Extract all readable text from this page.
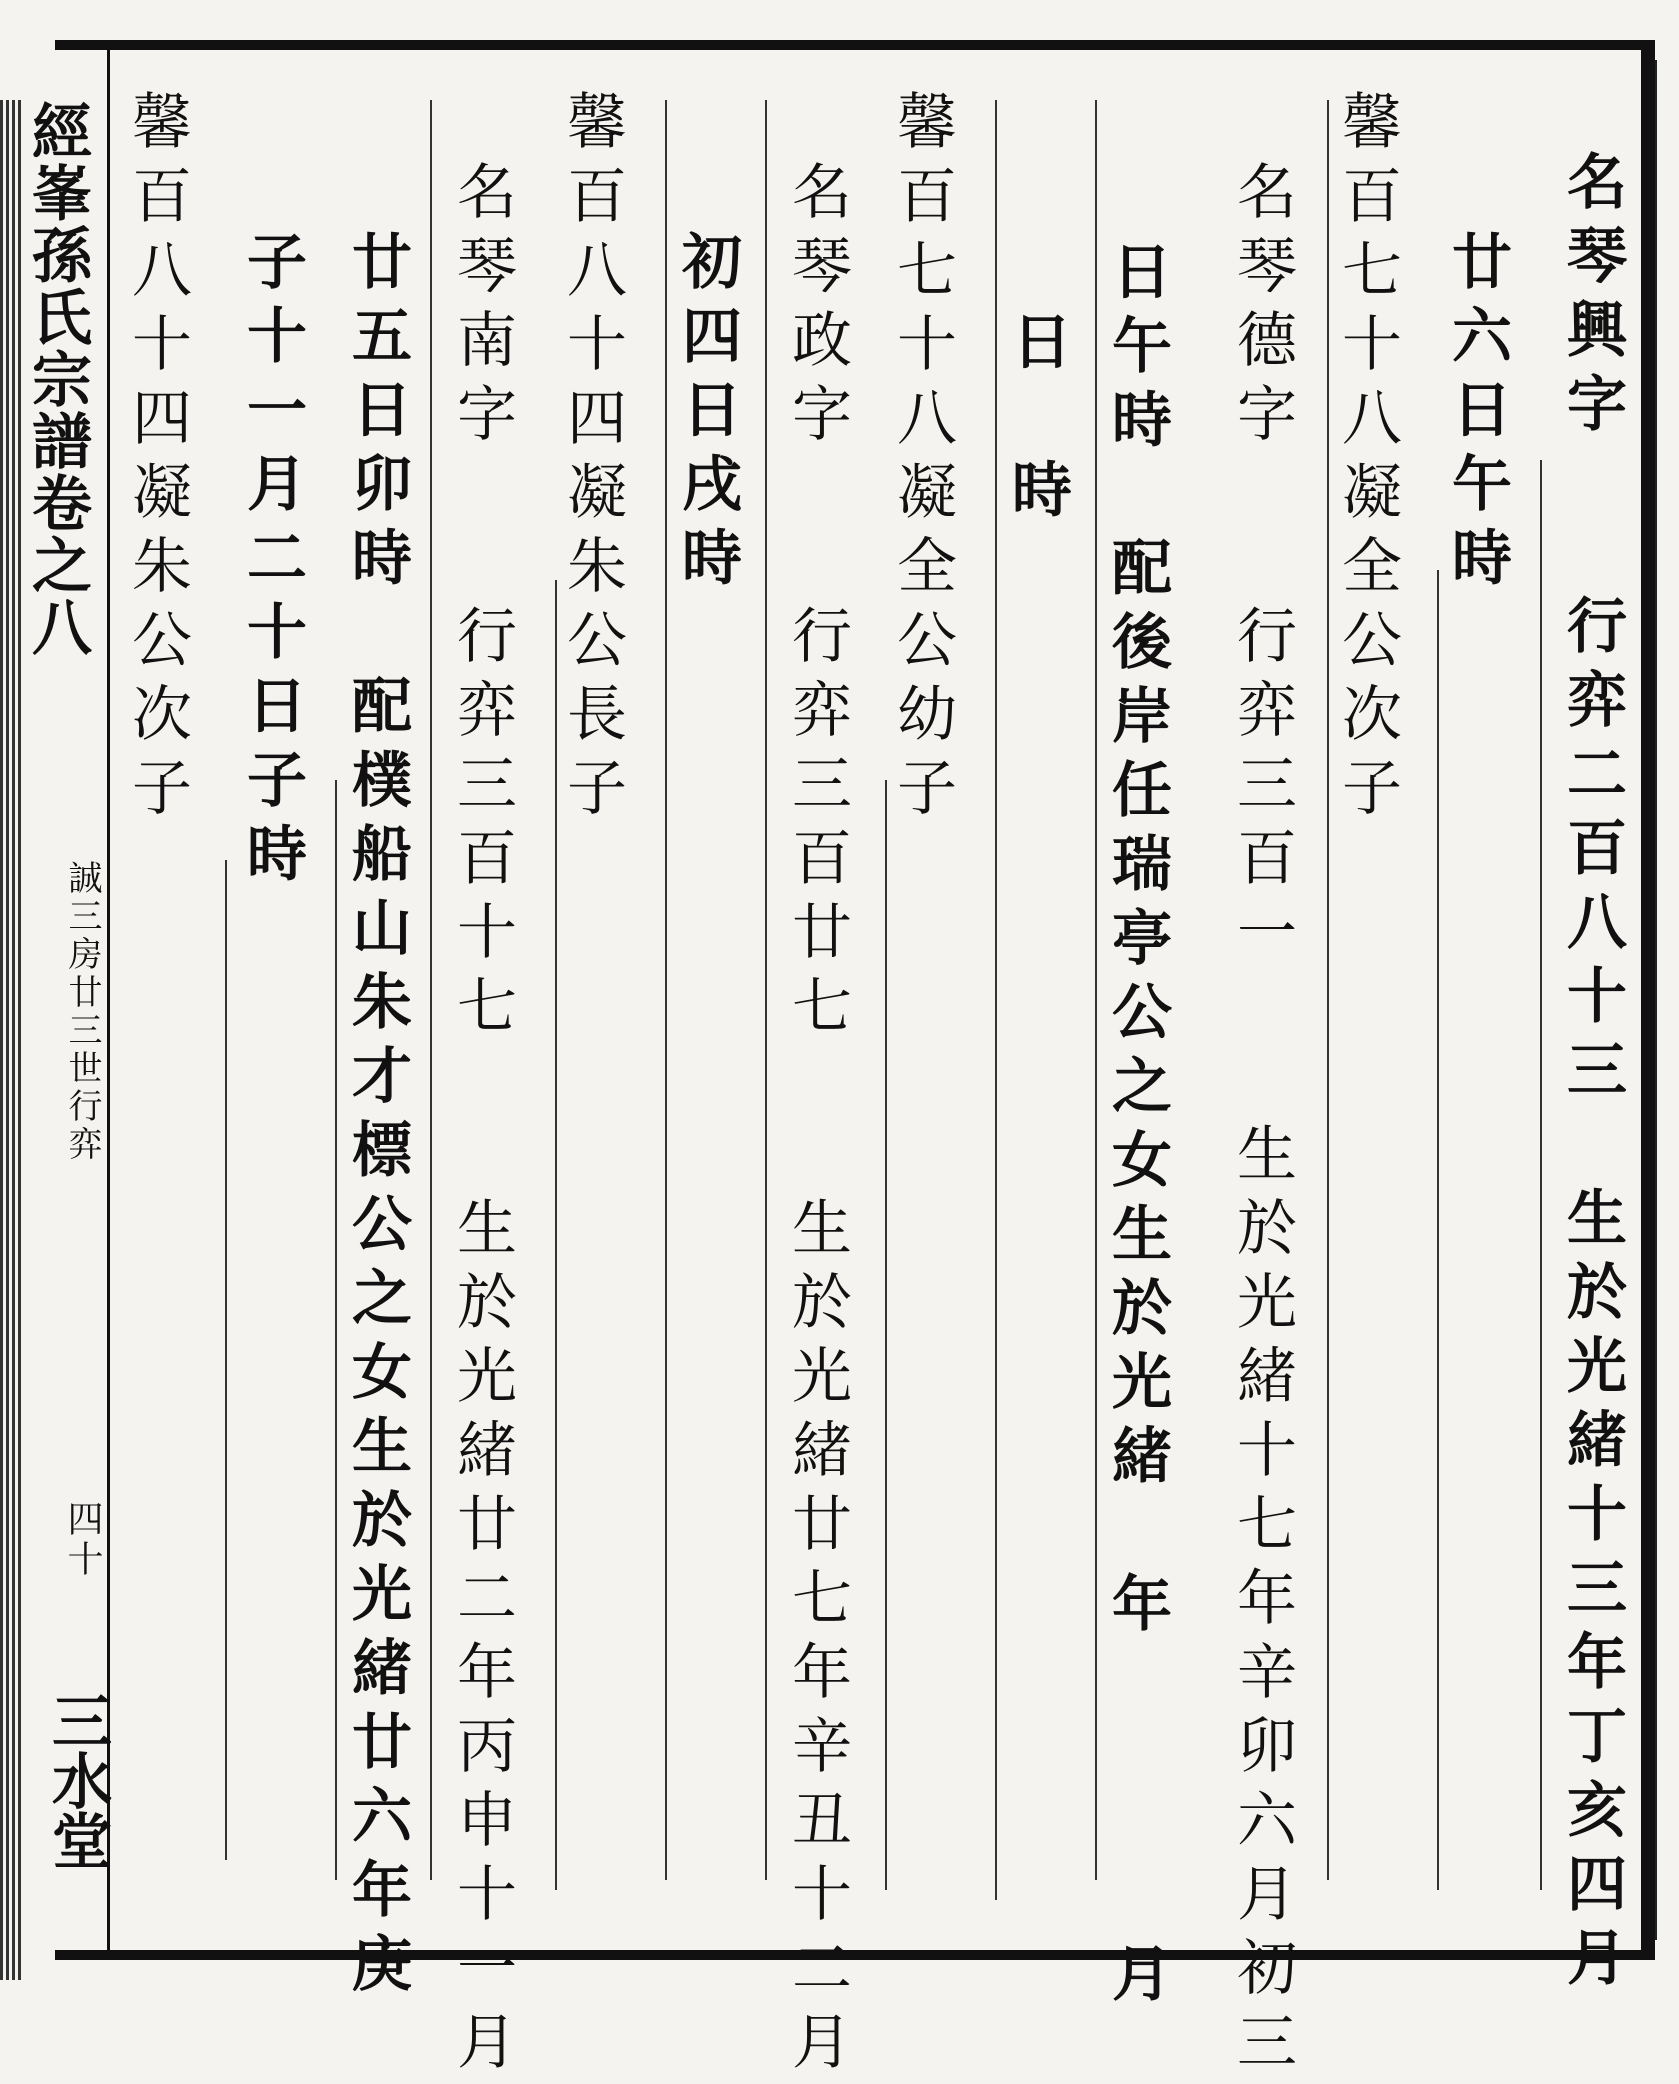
經峯孫氏宗譜卷之八
誠三房廿三世行弈
四十
三水堂	名琴興字　　行弈二百八十三　生於光緒十三年丁亥四月
廿六日午時
馨百七十八凝全公次子
名琴德字　　行弈三百一　　生於光緒十七年辛卯六月初三
日午時　配後岸任瑞亭公之女生於光緒　年　　　　月
日　時
馨百七十八凝全公幼子
名琴政字　　行弈三百廿七　　生於光緒廿七年辛丑十二月
初四日戌時
馨百八十四凝朱公長子
名琴南字　　行弈三百十七　　生於光緒廿二年丙申十一月
廿五日卯時　配樸船山朱才標公之女生於光緒廿六年庚
子十一月二十日子時
馨百八十四凝朱公次子
